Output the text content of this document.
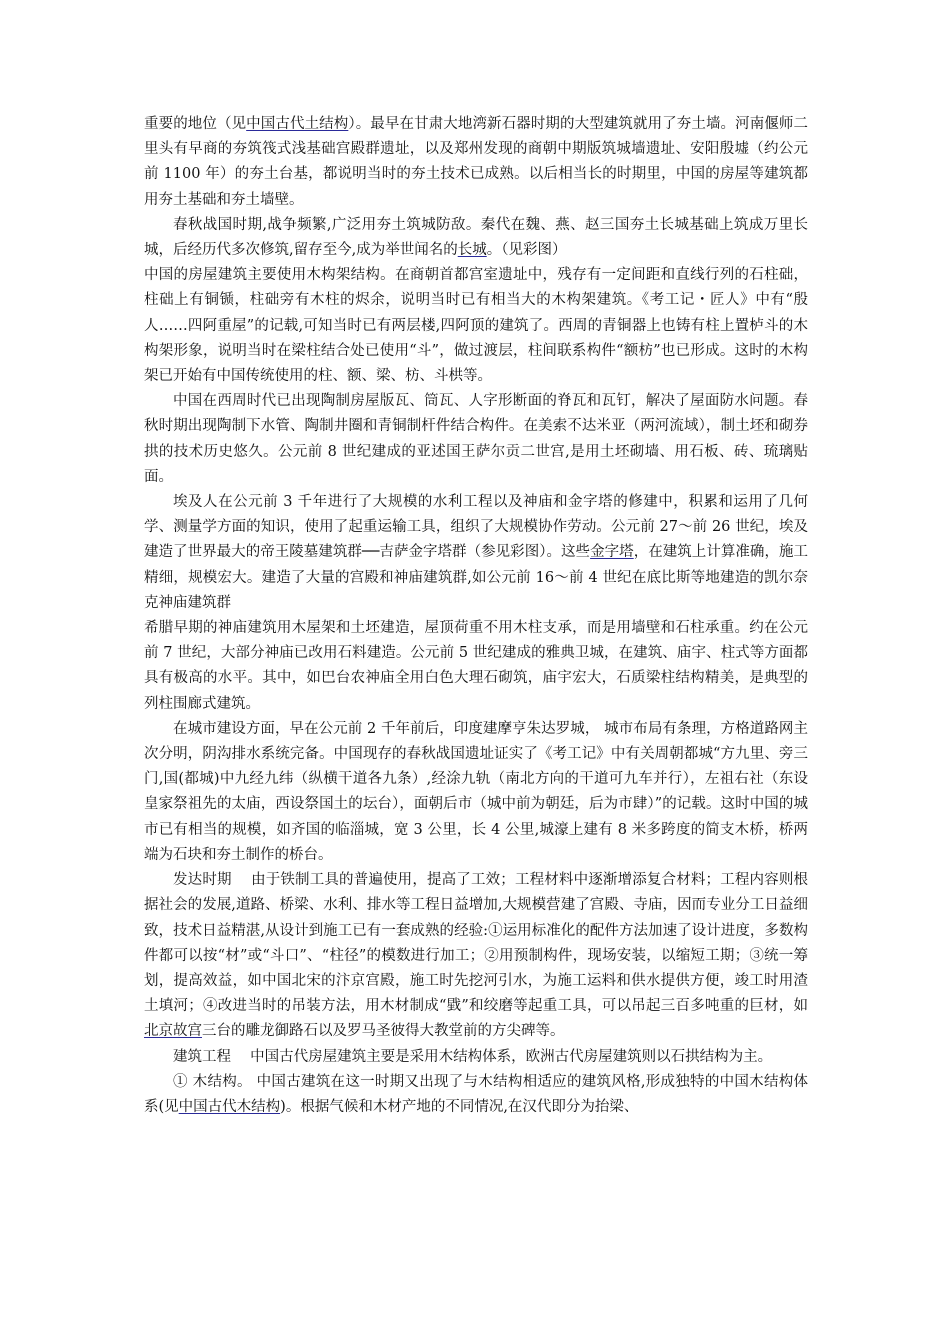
重要的地位（见中国古代土结构）。最早在甘肃大地湾新石器时期的大型建筑就用了夯土墙。河南偃师二里头有早商的夯筑筏式浅基础宫殿群遗址，以及郑州发现的商朝中期版筑城墙遗址、安阳殷墟（约公元前 1100 年）的夯土台基，都说明当时的夯土技术已成熟。以后相当长的时期里，中国的房屋等建筑都用夯土基础和夯土墙壁。

春秋战国时期,战争频繁,广泛用夯土筑城防敌。秦代在魏、燕、赵三国夯土长城基础上筑成万里长城，后经历代多次修筑,留存至今,成为举世闻名的长城。（见彩图）

中国的房屋建筑主要使用木构架结构。在商朝首都宫室遗址中，残存有一定间距和直线行列的石柱础，柱础上有铜锧，柱础旁有木柱的烬余，说明当时已有相当大的木构架建筑。《考工记・匠人》中有“殷人……四阿重屋”的记载,可知当时已有两层楼,四阿顶的建筑了。西周的青铜器上也铸有柱上置栌斗的木构架形象，说明当时在梁柱结合处已使用“斗”，做过渡层，柱间联系构件“额枋”也已形成。这时的木构架已开始有中国传统使用的柱、额、梁、枋、斗栱等。

中国在西周时代已出现陶制房屋版瓦、筒瓦、人字形断面的脊瓦和瓦钉，解决了屋面防水问题。春秋时期出现陶制下水管、陶制井圈和青铜制杆件结合构件。在美索不达米亚（两河流域），制土坯和砌券拱的技术历史悠久。公元前 8 世纪建成的亚述国王萨尔贡二世宫,是用土坯砌墙、用石板、砖、琉璃贴面。

埃及人在公元前 3 千年进行了大规模的水利工程以及神庙和金字塔的修建中，积累和运用了几何学、测量学方面的知识，使用了起重运输工具，组织了大规模协作劳动。公元前 27～前 26 世纪，埃及建造了世界最大的帝王陵墓建筑群──吉萨金字塔群（参见彩图）。这些金字塔，在建筑上计算准确，施工精细，规模宏大。建造了大量的宫殿和神庙建筑群,如公元前 16～前 4 世纪在底比斯等地建造的凯尔奈克神庙建筑群

希腊早期的神庙建筑用木屋架和土坯建造，屋顶荷重不用木柱支承，而是用墙壁和石柱承重。约在公元前 7 世纪，大部分神庙已改用石料建造。公元前 5 世纪建成的雅典卫城，在建筑、庙宇、柱式等方面都具有极高的水平。其中，如巴台农神庙全用白色大理石砌筑，庙宇宏大，石质梁柱结构精美，是典型的列柱围廊式建筑。

在城市建设方面，早在公元前 2 千年前后，印度建摩亨朱达罗城， 城市布局有条理，方格道路网主次分明，阴沟排水系统完备。中国现存的春秋战国遗址证实了《考工记》中有关周朝都城“方九里、旁三门,国(都城)中九经九纬（纵横干道各九条）,经涂九轨（南北方向的干道可九车并行），左祖右社（东设皇家祭祖先的太庙，西设祭国土的坛台），面朝后市（城中前为朝廷，后为市肆）”的记载。这时中国的城市已有相当的规模，如齐国的临淄城，宽 3 公里，长 4 公里,城濠上建有 8 米多跨度的简支木桥，桥两端为石块和夯土制作的桥台。

发达时期　 由于铁制工具的普遍使用，提高了工效；工程材料中逐渐增添复合材料；工程内容则根据社会的发展,道路、桥梁、水利、排水等工程日益增加,大规模营建了宫殿、寺庙，因而专业分工日益细致，技术日益精湛,从设计到施工已有一套成熟的经验:①运用标准化的配件方法加速了设计进度，多数构件都可以按“材”或“斗口”、“柱径”的模数进行加工；②用预制构件，现场安装，以缩短工期；③统一筹划，提高效益，如中国北宋的汴京宫殿，施工时先挖河引水，为施工运料和供水提供方便，竣工时用渣土填河；④改进当时的吊装方法，用木材制成“戥”和绞磨等起重工具，可以吊起三百多吨重的巨材，如北京故宫三台的雕龙御路石以及罗马圣彼得大教堂前的方尖碑等。

建筑工程　 中国古代房屋建筑主要是采用木结构体系，欧洲古代房屋建筑则以石拱结构为主。

① 木结构。 中国古建筑在这一时期又出现了与木结构相适应的建筑风格,形成独特的中国木结构体系(见中国古代木结构)。根据气候和木材产地的不同情况,在汉代即分为抬梁、
